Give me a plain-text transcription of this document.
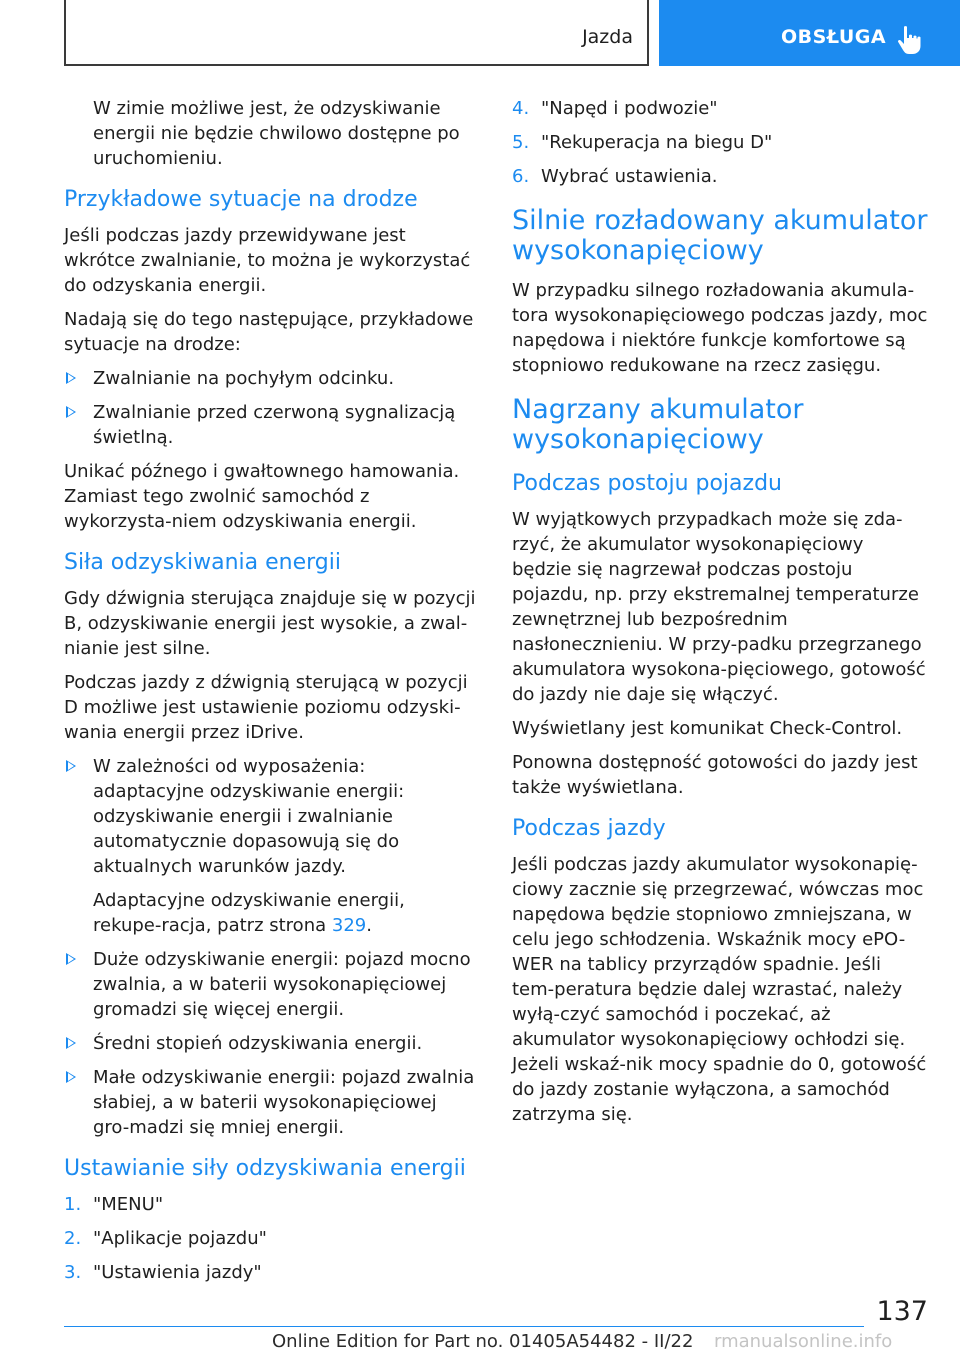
Jazda	OBSŁUGA

W zimie możliwe jest, że odzyskiwanie energii nie będzie chwilowo dostępne po uruchomieniu.

Przykładowe sytuacje na drodze

Jeśli podczas jazdy przewidywane jest wkrótce zwalnianie, to można je wykorzystać do odzyskania energii.

Nadają się do tego następujące, przykładowe sytuacje na drodze:

Zwalnianie na pochyłym odcinku.
Zwalnianie przed czerwoną sygnalizacją świetlną.

Unikać późnego i gwałtownego hamowania. Zamiast tego zwolnić samochód z wykorzysta-niem odzyskiwania energii.

Siła odzyskiwania energii

Gdy dźwignia sterująca znajduje się w pozycji B, odzyskiwanie energii jest wysokie, a zwal-nianie jest silne.

Podczas jazdy z dźwignią sterującą w pozycji D możliwe jest ustawienie poziomu odzyski-wania energii przez iDrive.

W zależności od wyposażenia: adaptacyjne odzyskiwanie energii: odzyskiwanie energii i zwalnianie automatycznie dopasowują się do aktualnych warunków jazdy.
Adaptacyjne odzyskiwanie energii, rekupe-racja, patrz strona 329.
Duże odzyskiwanie energii: pojazd mocno zwalnia, a w baterii wysokonapięciowej gromadzi się więcej energii.
Średni stopień odzyskiwania energii.
Małe odzyskiwanie energii: pojazd zwalnia słabiej, a w baterii wysokonapięciowej gro-madzi się mniej energii.
Ustawianie siły odzyskiwania energii
1. "MENU"
2. "Aplikacje pojazdu"
3. "Ustawienia jazdy"
4. "Napęd i podwozie"
5. "Rekuperacja na biegu D"
6. Wybrać ustawienia.
Silnie rozładowany akumulator wysokonapięciowy

W przypadku silnego rozładowania akumula-tora wysokonapięciowego podczas jazdy, moc napędowa i niektóre funkcje komfortowe są stopniowo redukowane na rzecz zasięgu.

Nagrzany akumulator wysokonapięciowy
Podczas postoju pojazdu

W wyjątkowych przypadkach może się zda-rzyć, że akumulator wysokonapięciowy będzie się nagrzewał podczas postoju pojazdu, np. przy ekstremalnej temperaturze zewnętrznej lub bezpośrednim nasłonecznieniu. W przy-padku przegrzanego akumulatora wysokona-pięciowego, gotowość do jazdy nie daje się włączyć.

Wyświetlany jest komunikat Check-Control.

Ponowna dostępność gotowości do jazdy jest także wyświetlana.

Podczas jazdy

Jeśli podczas jazdy akumulator wysokonapię-ciowy zacznie się przegrzewać, wówczas moc napędowa będzie stopniowo zmniejszana, w celu jego schłodzenia. Wskaźnik mocy ePO-WER na tablicy przyrządów spadnie. Jeśli tem-peratura będzie dalej wzrastać, należy wyłą-czyć samochód i poczekać, aż akumulator wysokonapięciowy ochłodzi się. Jeżeli wskaź-nik mocy spadnie do 0, gotowość do jazdy zostanie wyłączona, a samochód zatrzyma się.

137
Online Edition for Part no. 01405A54482 - II/22 rmanualsonline.info
